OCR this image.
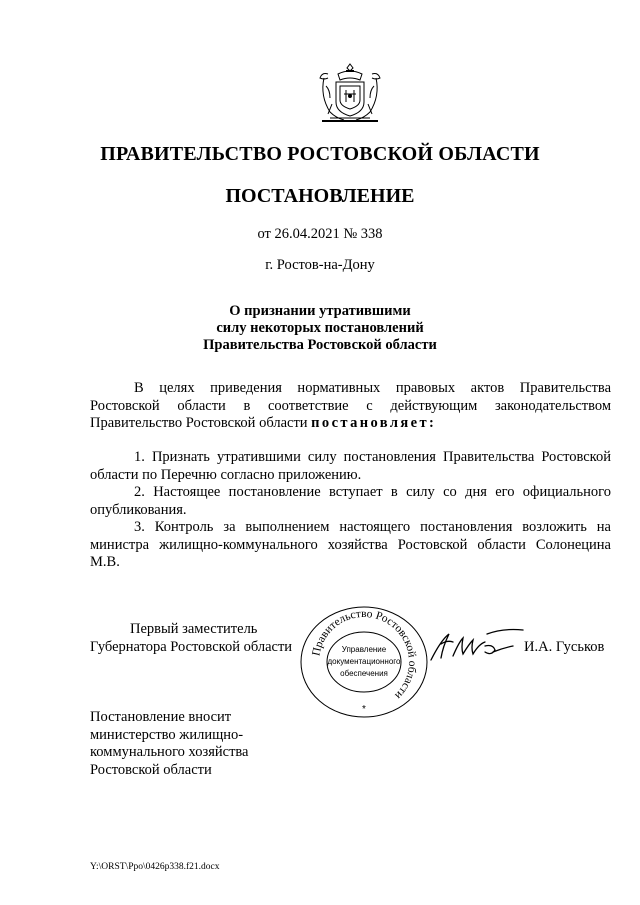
ПРАВИТЕЛЬСТВО РОСТОВСКОЙ ОБЛАСТИ
ПОСТАНОВЛЕНИЕ
от 26.04.2021 № 338
г. Ростов-на-Дону
О признании утратившими
силу некоторых постановлений
Правительства Ростовской области

В целях приведения нормативных правовых актов Правительства Ростовской области в соответствие с действующим законодательством Правительство Ростовской области постановляет:

1. Признать утратившими силу постановления Правительства Ростовской области по Перечню согласно приложению.

2. Настоящее постановление вступает в силу со дня его официального опубликования.

3. Контроль за выполнением настоящего постановления возложить на министра жилищно-коммунального хозяйства Ростовской области Солонецина М.В.

Первый заместитель
Губернатора Ростовской области	Правительство Ростовской области
Управление
документационного
обеспечения
*
И.А. Гуськов
Постановление вносит
министерство жилищно-
коммунального хозяйства
Ростовской области
Y:\ORST\Ppo\0426p338.f21.docx
